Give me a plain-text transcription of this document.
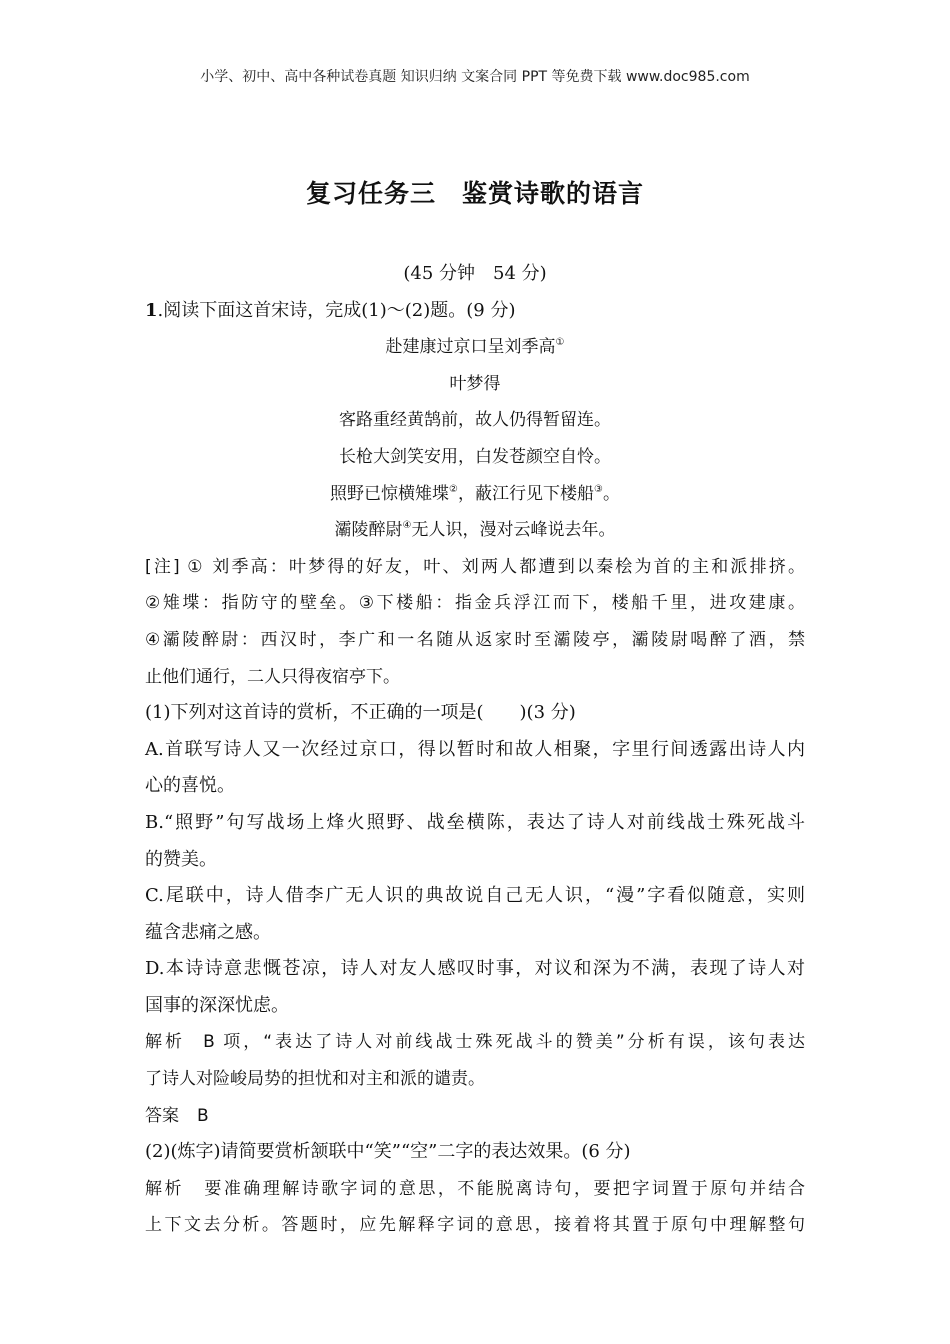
小学、初中、高中各种试卷真题 知识归纳 文案合同 PPT 等免费下载 www.doc985.com
复习任务三 鉴赏诗歌的语言
(45 分钟 54 分)
1.阅读下面这首宋诗，完成(1)～(2)题。(9 分)
赴建康过京口呈刘季高①
叶梦得
客路重经黄鹄前，故人仍得暂留连。
长枪大剑笑安用，白发苍颜空自怜。
照野已惊横雉堞②，蔽江行见下楼船③。
灞陵醉尉④无人识，漫对云峰说去年。
[注] ① 刘季高：叶梦得的好友，叶、刘两人都遭到以秦桧为首的主和派排挤。
②雉堞：指防守的壁垒。③下楼船：指金兵浮江而下，楼船千里，进攻建康。
④灞陵醉尉：西汉时，李广和一名随从返家时至灞陵亭，灞陵尉喝醉了酒，禁
止他们通行，二人只得夜宿亭下。
(1)下列对这首诗的赏析，不正确的一项是( )(3 分)
A.首联写诗人又一次经过京口，得以暂时和故人相聚，字里行间透露出诗人内
心的喜悦。
B.“照野”句写战场上烽火照野、战垒横陈，表达了诗人对前线战士殊死战斗
的赞美。
C.尾联中，诗人借李广无人识的典故说自己无人识，“漫”字看似随意，实则
蕴含悲痛之感。
D.本诗诗意悲慨苍凉，诗人对友人感叹时事，对议和深为不满，表现了诗人对
国事的深深忧虑。
解析 B 项，“表达了诗人对前线战士殊死战斗的赞美”分析有误，该句表达
了诗人对险峻局势的担忧和对主和派的谴责。
答案 B
(2)(炼字)请简要赏析颔联中“笑”“空”二字的表达效果。(6 分)
解析 要准确理解诗歌字词的意思，不能脱离诗句，要把字词置于原句并结合
上下文去分析。答题时，应先解释字词的意思，接着将其置于原句中理解整句
